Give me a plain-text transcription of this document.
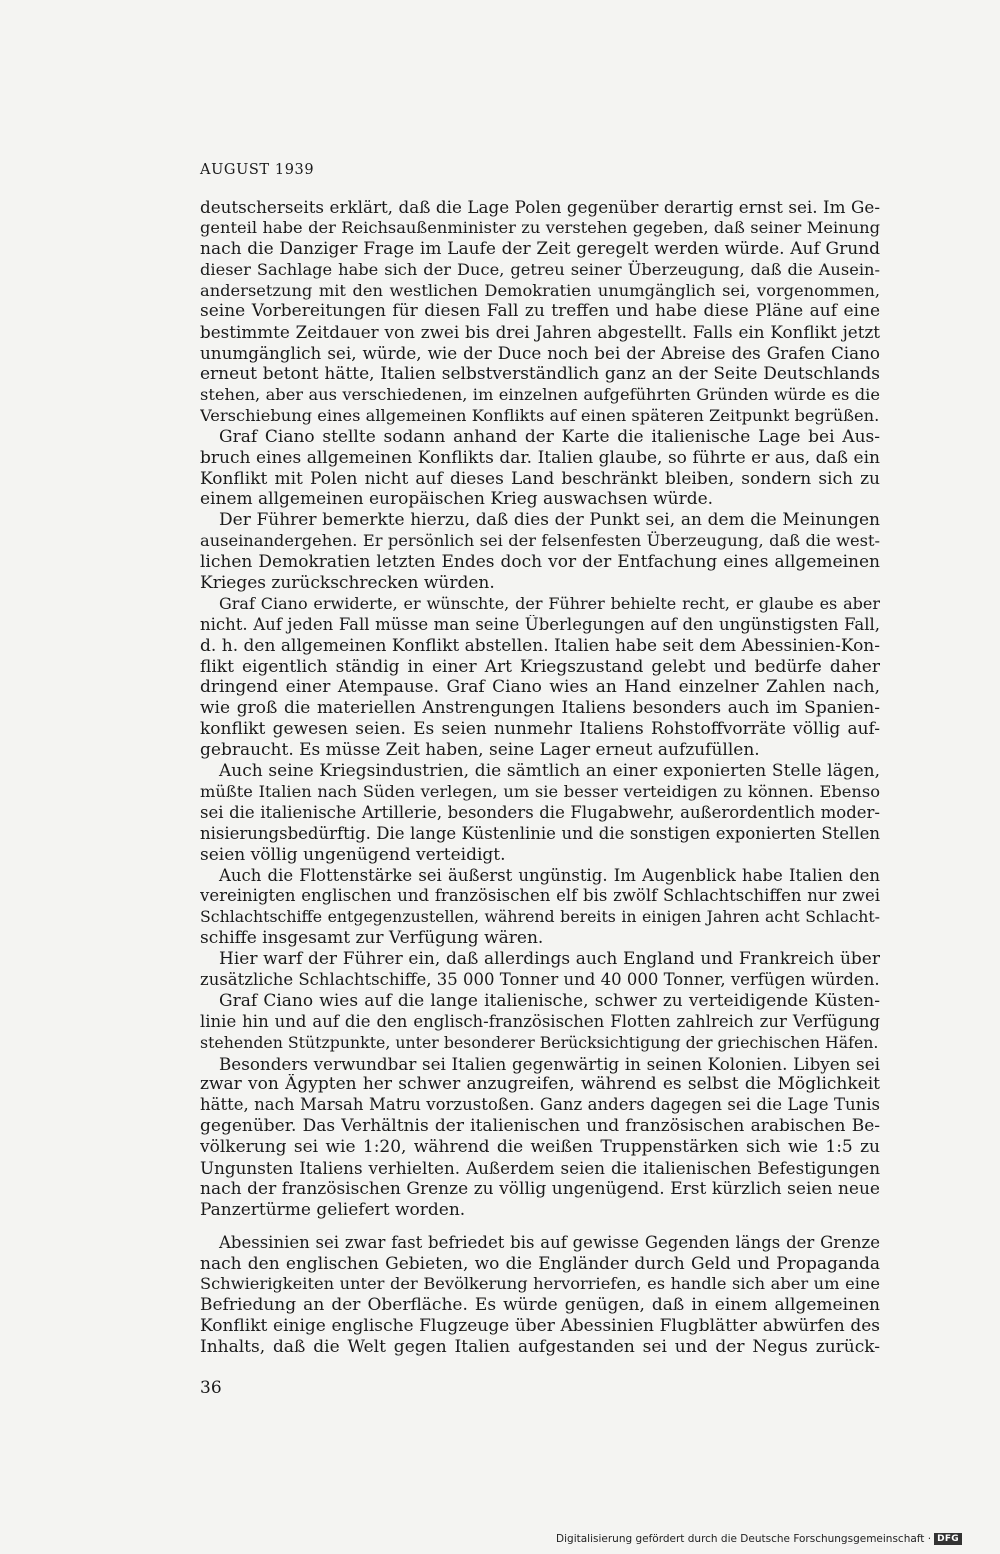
AUGUST 1939
deutscherseits erklärt, daß die Lage Polen gegenüber derartig ernst sei. Im Ge-
genteil habe der Reichsaußenminister zu verstehen gegeben, daß seiner Meinung
nach die Danziger Frage im Laufe der Zeit geregelt werden würde. Auf Grund
dieser Sachlage habe sich der Duce, getreu seiner Überzeugung, daß die Ausein-
andersetzung mit den westlichen Demokratien unumgänglich sei, vorgenommen,
seine Vorbereitungen für diesen Fall zu treffen und habe diese Pläne auf eine
bestimmte Zeitdauer von zwei bis drei Jahren abgestellt. Falls ein Konflikt jetzt
unumgänglich sei, würde, wie der Duce noch bei der Abreise des Grafen Ciano
erneut betont hätte, Italien selbstverständlich ganz an der Seite Deutschlands
stehen, aber aus verschiedenen, im einzelnen aufgeführten Gründen würde es die
Verschiebung eines allgemeinen Konflikts auf einen späteren Zeitpunkt begrüßen.
Graf Ciano stellte sodann anhand der Karte die italienische Lage bei Aus-
bruch eines allgemeinen Konflikts dar. Italien glaube, so führte er aus, daß ein
Konflikt mit Polen nicht auf dieses Land beschränkt bleiben, sondern sich zu
einem allgemeinen europäischen Krieg auswachsen würde.
Der Führer bemerkte hierzu, daß dies der Punkt sei, an dem die Meinungen
auseinandergehen. Er persönlich sei der felsenfesten Überzeugung, daß die west-
lichen Demokratien letzten Endes doch vor der Entfachung eines allgemeinen
Krieges zurückschrecken würden.
Graf Ciano erwiderte, er wünschte, der Führer behielte recht, er glaube es aber
nicht. Auf jeden Fall müsse man seine Überlegungen auf den ungünstigsten Fall,
d. h. den allgemeinen Konflikt abstellen. Italien habe seit dem Abessinien-Kon-
flikt eigentlich ständig in einer Art Kriegszustand gelebt und bedürfe daher
dringend einer Atempause. Graf Ciano wies an Hand einzelner Zahlen nach,
wie groß die materiellen Anstrengungen Italiens besonders auch im Spanien-
konflikt gewesen seien. Es seien nunmehr Italiens Rohstoffvorräte völlig auf-
gebraucht. Es müsse Zeit haben, seine Lager erneut aufzufüllen.
Auch seine Kriegsindustrien, die sämtlich an einer exponierten Stelle lägen,
müßte Italien nach Süden verlegen, um sie besser verteidigen zu können. Ebenso
sei die italienische Artillerie, besonders die Flugabwehr, außerordentlich moder-
nisierungsbedürftig. Die lange Küstenlinie und die sonstigen exponierten Stellen
seien völlig ungenügend verteidigt.
Auch die Flottenstärke sei äußerst ungünstig. Im Augenblick habe Italien den
vereinigten englischen und französischen elf bis zwölf Schlachtschiffen nur zwei
Schlachtschiffe entgegenzustellen, während bereits in einigen Jahren acht Schlacht-
schiffe insgesamt zur Verfügung wären.
Hier warf der Führer ein, daß allerdings auch England und Frankreich über
zusätzliche Schlachtschiffe, 35 000 Tonner und 40 000 Tonner, verfügen würden.
Graf Ciano wies auf die lange italienische, schwer zu verteidigende Küsten-
linie hin und auf die den englisch-französischen Flotten zahlreich zur Verfügung
stehenden Stützpunkte, unter besonderer Berücksichtigung der griechischen Häfen.
Besonders verwundbar sei Italien gegenwärtig in seinen Kolonien. Libyen sei
zwar von Ägypten her schwer anzugreifen, während es selbst die Möglichkeit
hätte, nach Marsah Matru vorzustoßen. Ganz anders dagegen sei die Lage Tunis
gegenüber. Das Verhältnis der italienischen und französischen arabischen Be-
völkerung sei wie 1:20, während die weißen Truppenstärken sich wie 1:5 zu
Ungunsten Italiens verhielten. Außerdem seien die italienischen Befestigungen
nach der französischen Grenze zu völlig ungenügend. Erst kürzlich seien neue
Panzertürme geliefert worden.
Abessinien sei zwar fast befriedet bis auf gewisse Gegenden längs der Grenze
nach den englischen Gebieten, wo die Engländer durch Geld und Propaganda
Schwierigkeiten unter der Bevölkerung hervorriefen, es handle sich aber um eine
Befriedung an der Oberfläche. Es würde genügen, daß in einem allgemeinen
Konflikt einige englische Flugzeuge über Abessinien Flugblätter abwürfen des
Inhalts, daß die Welt gegen Italien aufgestanden sei und der Negus zurück-
36
Digitalisierung gefördert durch die Deutsche Forschungsgemeinschaft · DFG
